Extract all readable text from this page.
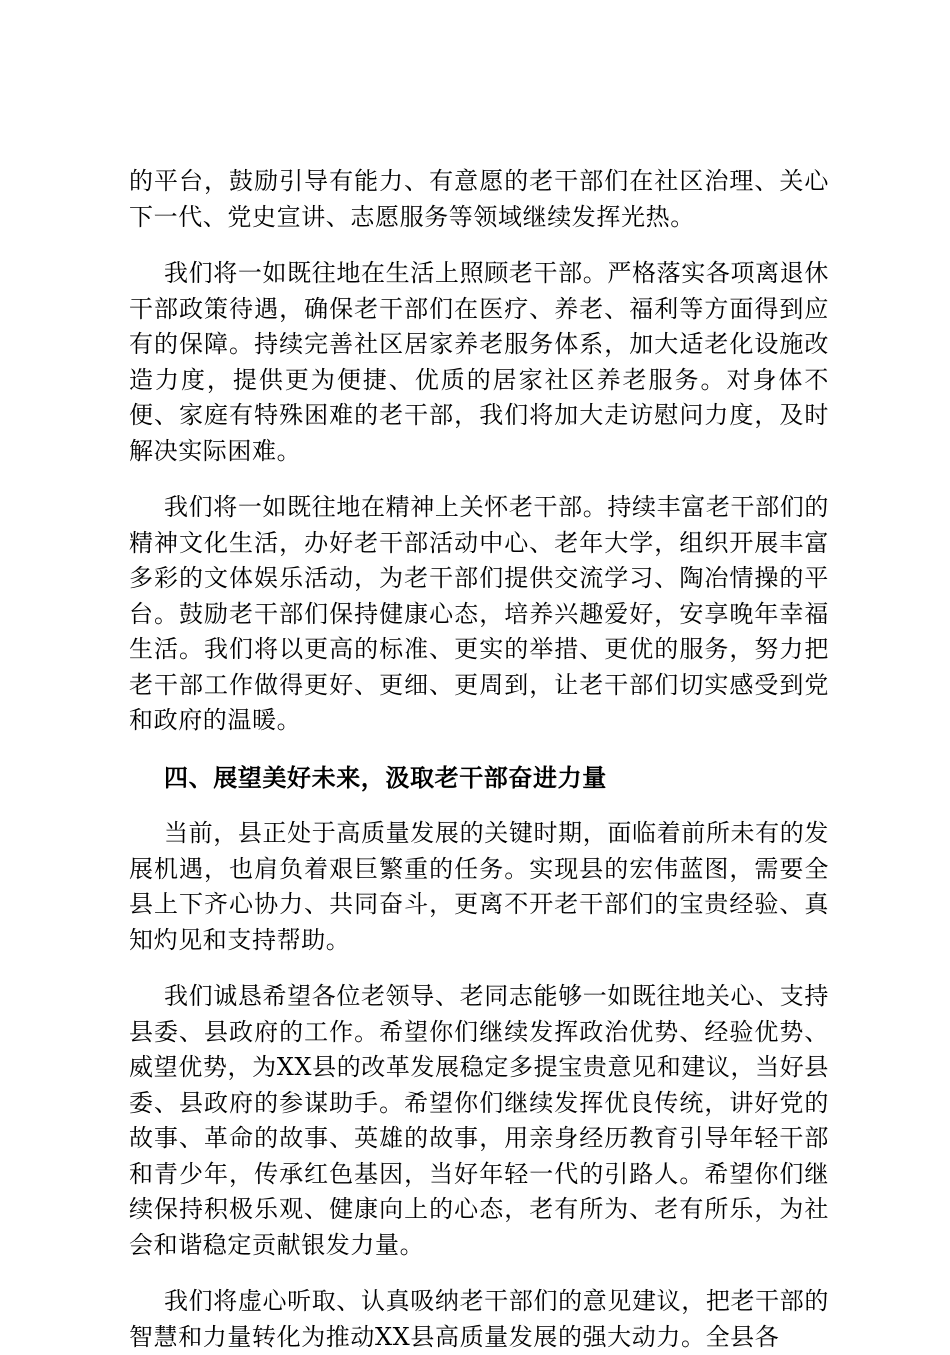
的平台，鼓励引导有能力、有意愿的老干部们在社区治理、关心下一代、党史宣讲、志愿服务等领域继续发挥光热。

我们将一如既往地在生活上照顾老干部。严格落实各项离退休干部政策待遇，确保老干部们在医疗、养老、福利等方面得到应有的保障。持续完善社区居家养老服务体系，加大适老化设施改造力度，提供更为便捷、优质的居家社区养老服务。对身体不便、家庭有特殊困难的老干部，我们将加大走访慰问力度，及时解决实际困难。

我们将一如既往地在精神上关怀老干部。持续丰富老干部们的精神文化生活，办好老干部活动中心、老年大学，组织开展丰富多彩的文体娱乐活动，为老干部们提供交流学习、陶冶情操的平台。鼓励老干部们保持健康心态，培养兴趣爱好，安享晚年幸福生活。我们将以更高的标准、更实的举措、更优的服务，努力把老干部工作做得更好、更细、更周到，让老干部们切实感受到党和政府的温暖。

四、展望美好未来，汲取老干部奋进力量

当前，县正处于高质量发展的关键时期，面临着前所未有的发展机遇，也肩负着艰巨繁重的任务。实现县的宏伟蓝图，需要全县上下齐心协力、共同奋斗，更离不开老干部们的宝贵经验、真知灼见和支持帮助。

我们诚恳希望各位老领导、老同志能够一如既往地关心、支持县委、县政府的工作。希望你们继续发挥政治优势、经验优势、威望优势，为XX县的改革发展稳定多提宝贵意见和建议，当好县委、县政府的参谋助手。希望你们继续发挥优良传统，讲好党的故事、革命的故事、英雄的故事，用亲身经历教育引导年轻干部和青少年，传承红色基因，当好年轻一代的引路人。希望你们继续保持积极乐观、健康向上的心态，老有所为、老有所乐，为社会和谐稳定贡献银发力量。

我们将虚心听取、认真吸纳老干部们的意见建议，把老干部的智慧和力量转化为推动XX县高质量发展的强大动力。全县各
